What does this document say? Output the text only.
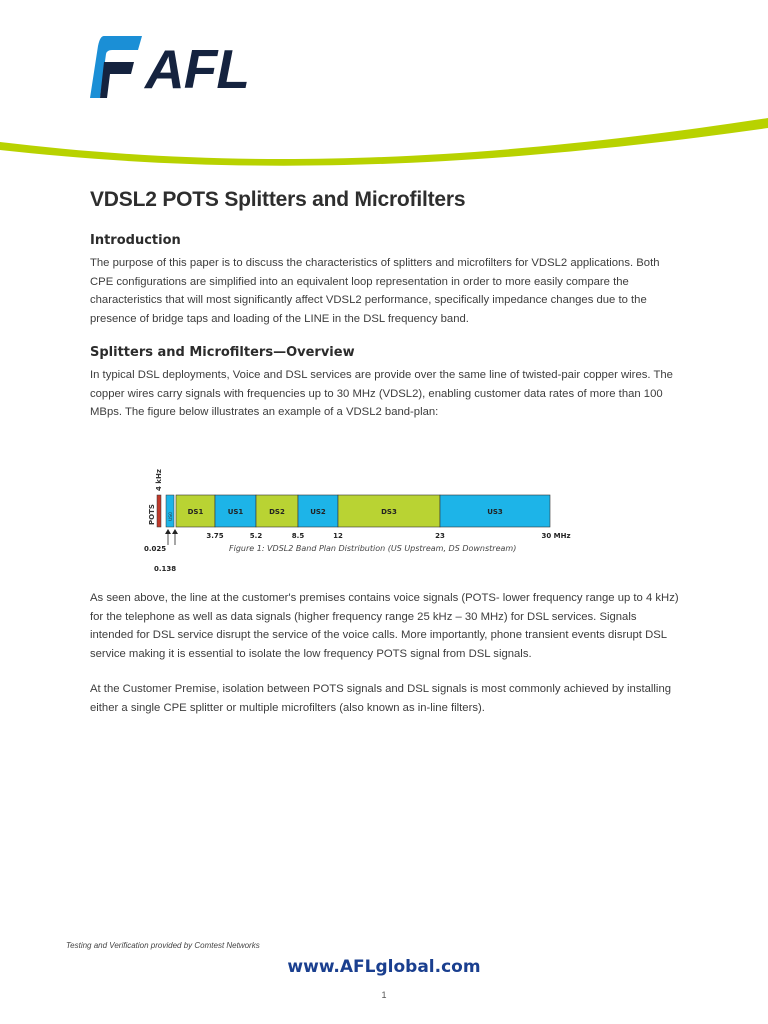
AFL
VDSL2 POTS Splitters and Microfilters
Introduction

The purpose of this paper is to discuss the characteristics of splitters and microfilters for VDSL2 applications. Both CPE configurations are simplified into an equivalent loop representation in order to more easily compare the characteristics that will most significantly affect VDSL2 performance, specifically impedance changes due to the presence of bridge taps and loading of the LINE in the DSL frequency band.

Splitters and Microfilters—Overview

In typical DSL deployments, Voice and DSL services are provide over the same line of twisted-pair copper wires. The copper wires carry signals with frequencies up to 30 MHz (VDSL2), enabling customer data rates of more than 100 MBps. The figure below illustrates an example of a VDSL2 band-plan:

POTS
4 kHz
US0 DS1	US1	DS2	US2	DS3	US3
3.75	5.2	8.5	12	23	30 MHz
0.025
0.138
Figure 1: VDSL2 Band Plan Distribution (US Upstream, DS Downstream)

As seen above, the line at the customer's premises contains voice signals (POTS- lower frequency range up to 4 kHz) for the telephone as well as data signals (higher frequency range 25 kHz – 30 MHz) for DSL services. Signals intended for DSL service disrupt the service of the voice calls. More importantly, phone transient events disrupt DSL service making it is essential to isolate the low frequency POTS signal from DSL signals.

At the Customer Premise, isolation between POTS signals and DSL signals is most commonly achieved by installing either a single CPE splitter or multiple microfilters (also known as in-line filters).

Testing and Verification provided by Comtest Networks
www.AFLglobal.com
1
